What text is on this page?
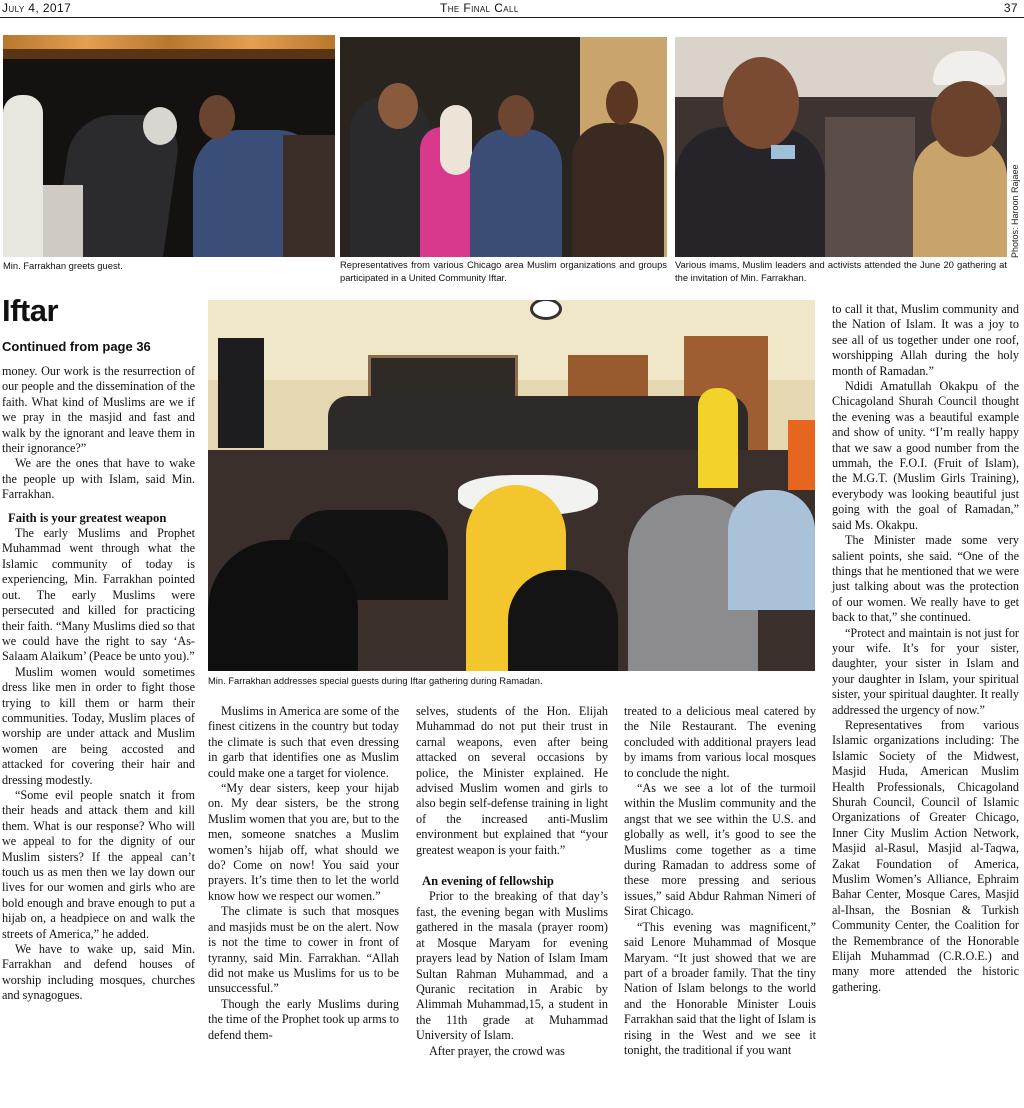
July 4, 2017	The Final Call	37
Min. Farrakhan greets guest.	Representatives from various Chicago area Muslim organizations and groups participated in a United Community Iftar.
Various imams, Muslim leaders and activists attended the June 20 gathering at the invitation of Min. Farrakhan.
Photos: Haroon Rajaee
Min. Farrakhan addresses special guests during Iftar gathering during Ramadan.
Iftar
Continued from page 36

money. Our work is the resurrection of our people and the dissemination of the faith. What kind of Muslims are we if we pray in the masjid and fast and walk by the ignorant and leave them in their ignorance?”

We are the ones that have to wake the people up with Islam, said Min. Farrakhan.

Faith is your greatest weapon

The early Muslims and Prophet Muhammad went through what the Islamic community of today is experiencing, Min. Farrakhan pointed out. The early Muslims were persecuted and killed for practicing their faith. “Many Muslims died so that we could have the right to say ‘As-Salaam Alaikum’ (Peace be unto you).”

Muslim women would sometimes dress like men in order to fight those trying to kill them or harm their communities. Today, Muslim places of worship are under attack and Muslim women are being accosted and attacked for covering their hair and dressing modestly.

“Some evil people snatch it from their heads and attack them and kill them. What is our response? Who will we appeal to for the dignity of our Muslim sisters? If the appeal can’t touch us as men then we lay down our lives for our women and girls who are bold enough and brave enough to put a hijab on, a headpiece on and walk the streets of America,” he added.

We have to wake up, said Min. Farrakhan and defend houses of worship including mosques, churches and synagogues.

Muslims in America are some of the finest citizens in the country but today the climate is such that even dressing in garb that identifies one as Muslim could make one a target for violence.

“My dear sisters, keep your hijab on. My dear sisters, be the strong Muslim women that you are, but to the men, someone snatches a Muslim women’s hijab off, what should we do? Come on now! You said your prayers. It’s time then to let the world know how we respect our women.”

The climate is such that mosques and masjids must be on the alert. Now is not the time to cower in front of tyranny, said Min. Farrakhan. “Allah did not make us Muslims for us to be unsuccessful.”

Though the early Muslims during the time of the Prophet took up arms to defend them-

selves, students of the Hon. Elijah Muhammad do not put their trust in carnal weapons, even after being attacked on several occasions by police, the Minister explained. He advised Muslim women and girls to also begin self-defense training in light of the increased anti-Muslim environment but explained that “your greatest weapon is your faith.”

An evening of fellowship

Prior to the breaking of that day’s fast, the evening began with Muslims gathered in the masala (prayer room) at Mosque Maryam for evening prayers lead by Nation of Islam Imam Sultan Rahman Muhammad, and a Quranic recitation in Arabic by Alimmah Muhammad,15, a student in the 11th grade at Muhammad University of Islam.

After prayer, the crowd was

treated to a delicious meal catered by the Nile Restaurant. The evening concluded with additional prayers lead by imams from various local mosques to conclude the night.

“As we see a lot of the turmoil within the Muslim community and the angst that we see within the U.S. and globally as well, it’s good to see the Muslims come together as a time during Ramadan to address some of these more pressing and serious issues,” said Abdur Rahman Nimeri of Sirat Chicago.

“This evening was magnificent,” said Lenore Muhammad of Mosque Maryam. “It just showed that we are part of a broader family. That the tiny Nation of Islam belongs to the world and the Honorable Minister Louis Farrakhan said that the light of Islam is rising in the West and we see it tonight, the traditional if you want

to call it that, Muslim community and the Nation of Islam. It was a joy to see all of us together under one roof, worshipping Allah during the holy month of Ramadan.”

Ndidi Amatullah Okakpu of the Chicagoland Shurah Council thought the evening was a beautiful example and show of unity. “I’m really happy that we saw a good number from the ummah, the F.O.I. (Fruit of Islam), the M.G.T. (Muslim Girls Training), everybody was looking beautiful just going with the goal of Ramadan,” said Ms. Okakpu.

The Minister made some very salient points, she said. “One of the things that he mentioned that we were just talking about was the protection of our women. We really have to get back to that,” she continued.

“Protect and maintain is not just for your wife. It’s for your sister, daughter, your sister in Islam and your daughter in Islam, your spiritual sister, your spiritual daughter. It really addressed the urgency of now.”

Representatives from various Islamic organizations including: The Islamic Society of the Midwest, Masjid Huda, American Muslim Health Professionals, Chicagoland Shurah Council, Council of Islamic Organizations of Greater Chicago, Inner City Muslim Action Network, Masjid al-Rasul, Masjid al-Taqwa, Zakat Foundation of America, Muslim Women’s Alliance, Ephraim Bahar Center, Mosque Cares, Masjid al-Ihsan, the Bosnian & Turkish Community Center, the Coalition for the Remembrance of the Honorable Elijah Muhammad (C.R.O.E.) and many more attended the historic gathering.
